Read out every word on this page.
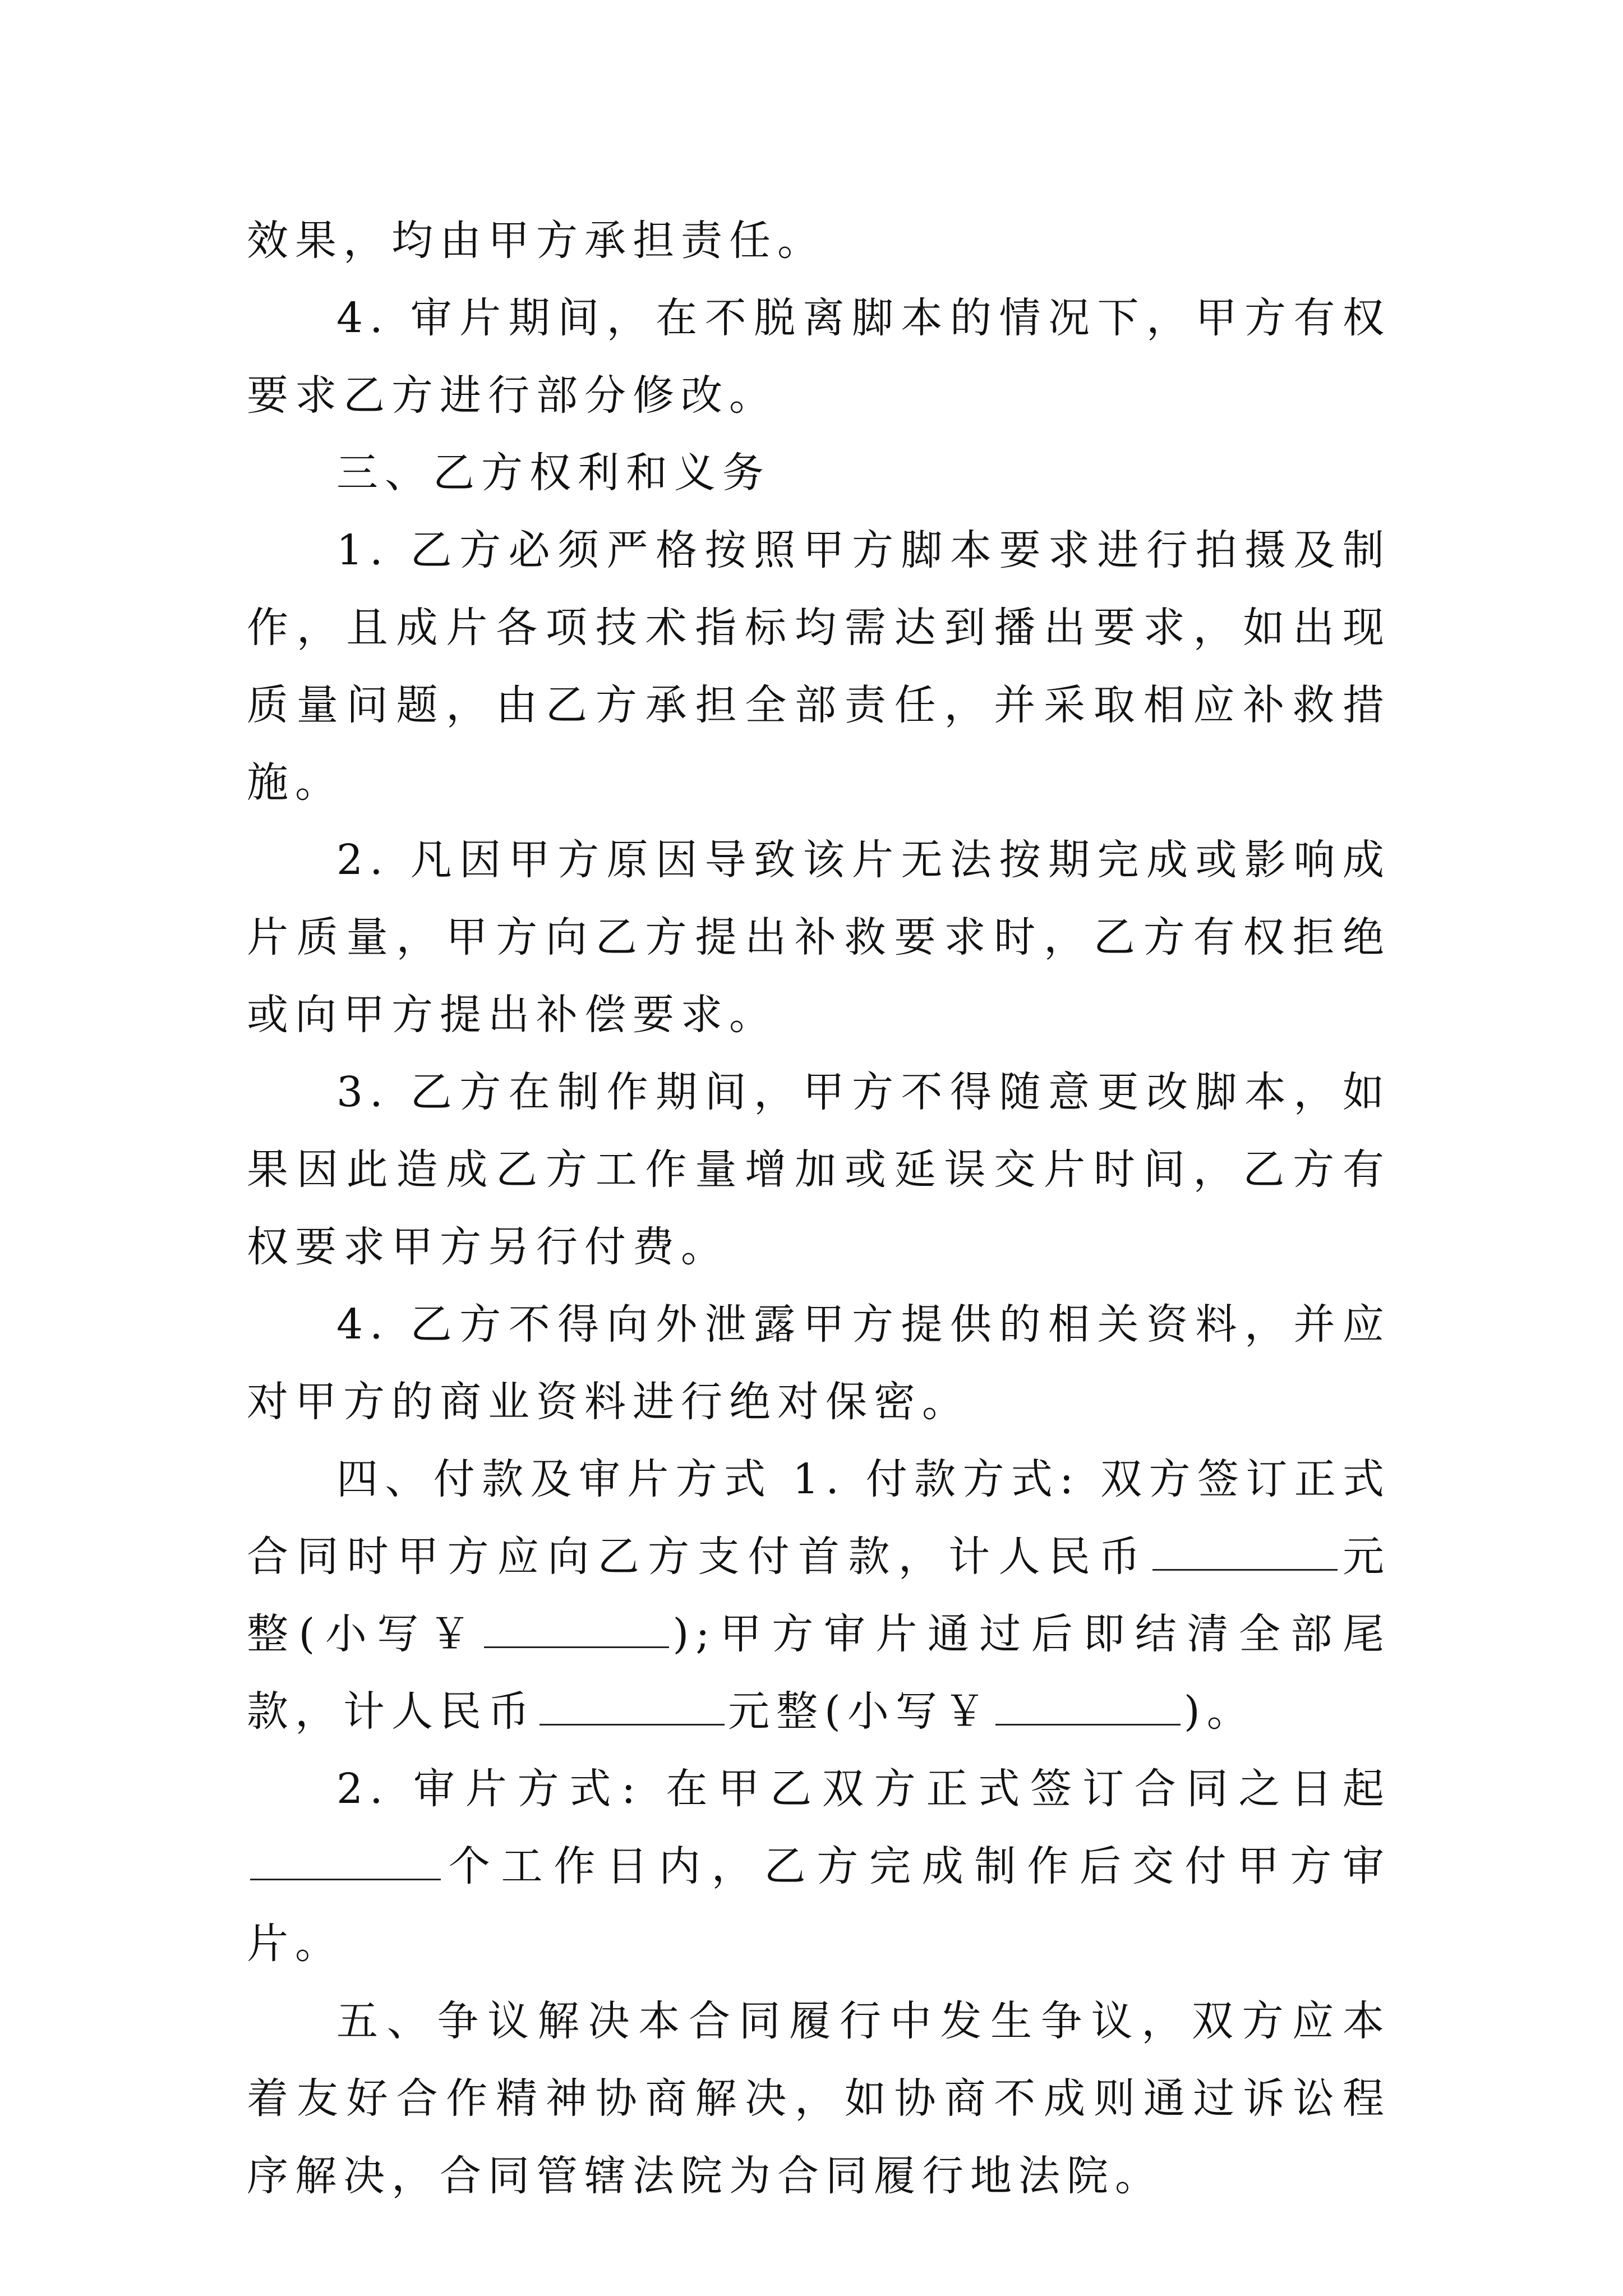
效果，均由甲方承担责任。

4. 审片期间，在不脱离脚本的情况下，甲方有权要求乙方进行部分修改。

三、乙方权利和义务

1. 乙方必须严格按照甲方脚本要求进行拍摄及制作，且成片各项技术指标均需达到播出要求，如出现质量问题，由乙方承担全部责任，并采取相应补救措施。

2. 凡因甲方原因导致该片无法按期完成或影响成片质量，甲方向乙方提出补救要求时，乙方有权拒绝或向甲方提出补偿要求。

3. 乙方在制作期间，甲方不得随意更改脚本，如果因此造成乙方工作量增加或延误交片时间，乙方有权要求甲方另行付费。

4. 乙方不得向外泄露甲方提供的相关资料，并应对甲方的商业资料进行绝对保密。

四、付款及审片方式 1. 付款方式: 双方签订正式合同时甲方应向乙方支付首款，计人民币	元整(小写￥	);甲方审片通过后即结清全部尾款，计人民币	元整(小写￥	)。

2. 审片方式: 在甲乙双方正式签订合同之日起个工作日内，乙方完成制作后交付甲方审片。

五、争议解决本合同履行中发生争议，双方应本着友好合作精神协商解决，如协商不成则通过诉讼程序解决，合同管辖法院为合同履行地法院。
